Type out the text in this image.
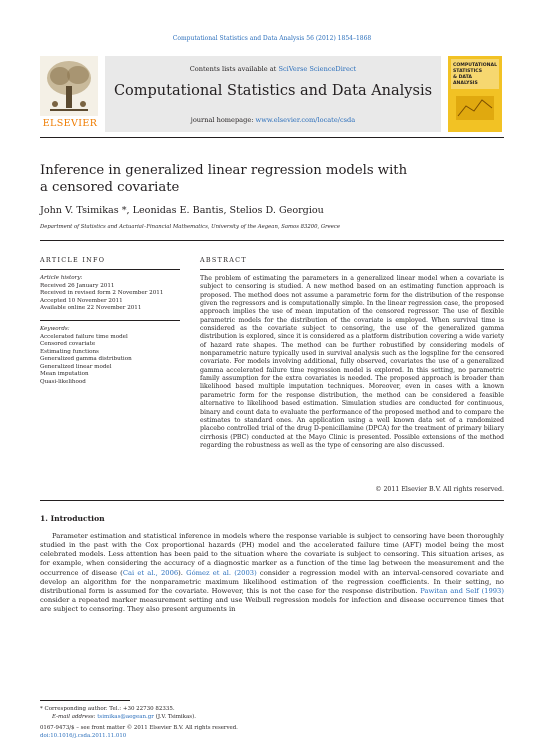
Computational Statistics and Data Analysis 56 (2012) 1854–1868
ELSEVIER
Contents lists available at SciVerse ScienceDirect
Computational Statistics and Data Analysis
journal homepage: www.elsevier.com/locate/csda
COMPUTATIONAL
STATISTICS
& DATA
ANALYSIS
Inference in generalized linear regression models with
a censored covariate
John V. Tsimikas *, Leonidas E. Bantis, Stelios D. Georgiou
Department of Statistics and Actuarial–Financial Mathematics, University of the Aegean, Samos 83200, Greece
ARTICLE INFO
Article history:
Received 26 January 2011
Received in revised form 2 November 2011
Accepted 10 November 2011
Available online 22 November 2011
Keywords:
Accelerated failure time model
Censored covariate
Estimating functions
Generalized gamma distribution
Generalized linear model
Mean imputation
Quasi-likelihood
ABSTRACT
The problem of estimating the parameters in a generalized linear model when a covariate is subject to censoring is studied. A new method based on an estimating function approach is proposed. The method does not assume a parametric form for the distribution of the response given the regressors and is computationally simple. In the linear regression case, the proposed approach implies the use of mean imputation of the censored regressor. The use of flexible parametric models for the distribution of the covariate is employed. When survival time is considered as the covariate subject to censoring, the use of the generalized gamma distribution is explored, since it is considered as a platform distribution covering a wide variety of hazard rate shapes. The method can be further robustified by considering models of nonparametric nature typically used in survival analysis such as the logspline for the censored covariate. For models involving additional, fully observed, covariates the use of a generalized gamma accelerated failure time regression model is explored. In this setting, no parametric family assumption for the extra covariates is needed. The proposed approach is broader than likelihood based multiple imputation techniques. Moreover, even in cases with a known parametric form for the response distribution, the method can be considered a feasible alternative to likelihood based estimation. Simulation studies are conducted for continuous, binary and count data to evaluate the performance of the proposed method and to compare the estimates to standard ones. An application using a well known data set of a randomized placebo controlled trial of the drug D-penicillamine (DPCA) for the treatment of primary biliary cirrhosis (PBC) conducted at the Mayo Clinic is presented. Possible extensions of the method regarding the robustness as well as the type of censoring are also discussed.
© 2011 Elsevier B.V. All rights reserved.
1. Introduction

Parameter estimation and statistical inference in models where the response variable is subject to censoring have been thoroughly studied in the past with the Cox proportional hazards (PH) model and the accelerated failure time (AFT) model being the most celebrated models. Less attention has been paid to the situation where the covariate is subject to censoring. This situation arises, as for example, when considering the accuracy of a diagnostic marker as a function of the time lag between the measurement and the occurrence of disease (Cai et al., 2006). Gómez et al. (2003) consider a regression model with an interval-censored covariate and develop an algorithm for the nonparametric maximum likelihood estimation of the regression coefficients. In their setting, no distributional form is assumed for the covariate. However, this is not the case for the response distribution. Pawitan and Self (1993) consider a repeated marker measurement setting and use Weibull regression models for infection and disease occurrence times that are subject to censoring. They also present arguments in

* Corresponding author. Tel.: +30 22730 82335.
E-mail address: tsimikas@aegean.gr (J.V. Tsimikas).
0167-9473/$ – see front matter © 2011 Elsevier B.V. All rights reserved.
doi:10.1016/j.csda.2011.11.010
